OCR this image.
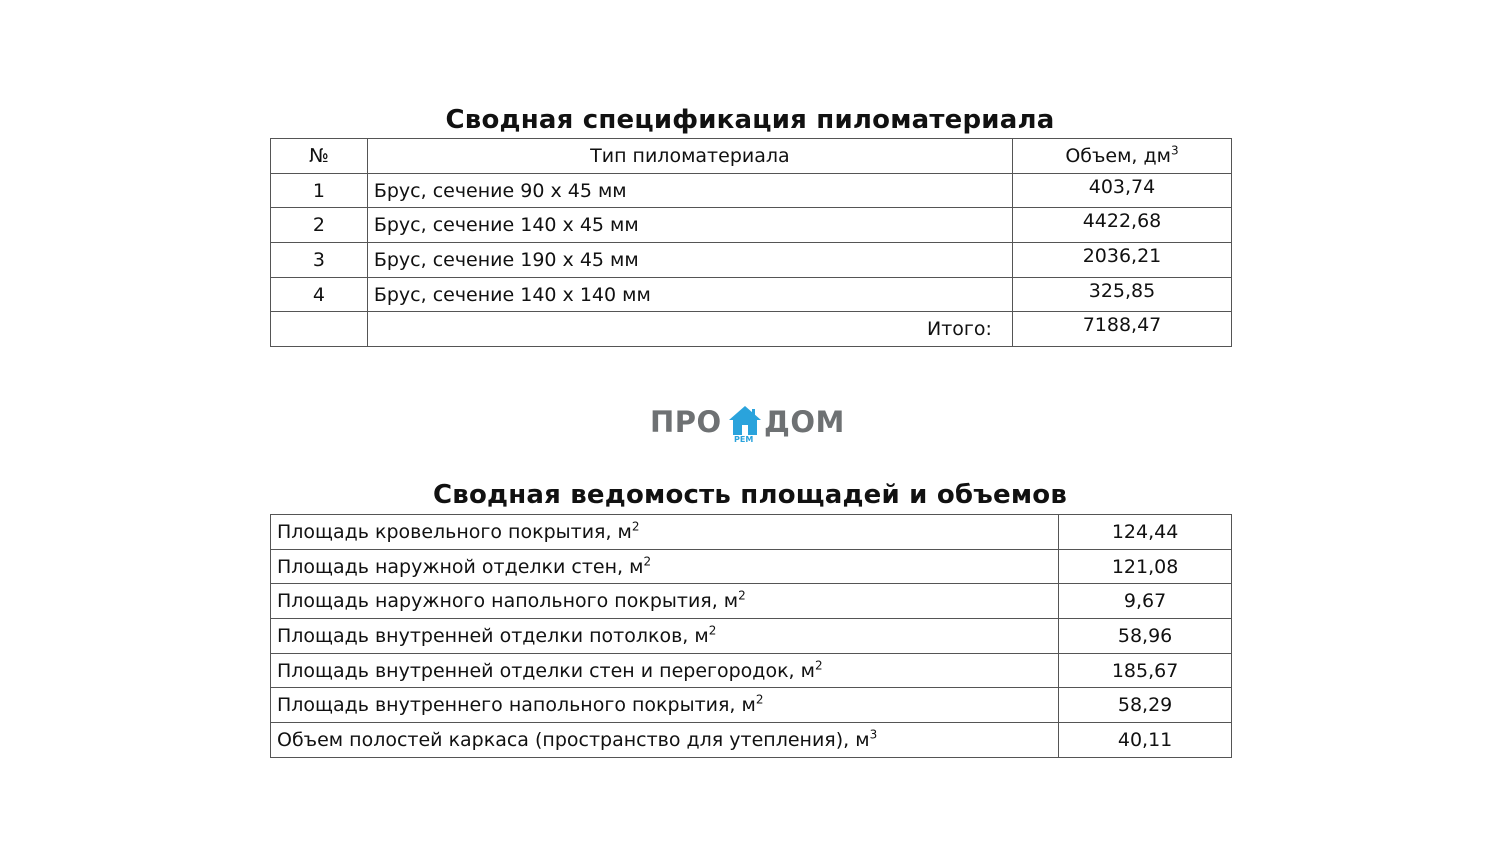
Сводная спецификация пиломатериала
№	Тип пиломатериала	Объем, $дм^3$
1	Брус, сечение 90 х 45 мм	403,74
2	Брус, сечение 140 х 45 мм	4422,68
3	Брус, сечение 190 х 45 мм	2036,21
4	Брус, сечение 140 х 140 мм	325,85
	Итого:	7188,47
ПРО
РЕМ
ДОМ
Сводная ведомость площадей и объемов
Площадь кровельного покрытия, $м^2$	124,44
Площадь наружной отделки стен, $м^2$	121,08
Площадь наружного напольного покрытия, $м^2$	9,67
Площадь внутренней отделки потолков, $м^2$	58,96
Площадь внутренней отделки стен и перегородок, $м^2$	185,67
Площадь внутреннего напольного покрытия, $м^2$	58,29
Объем полостей каркаса (пространство для утепления), $м^3$	40,11
